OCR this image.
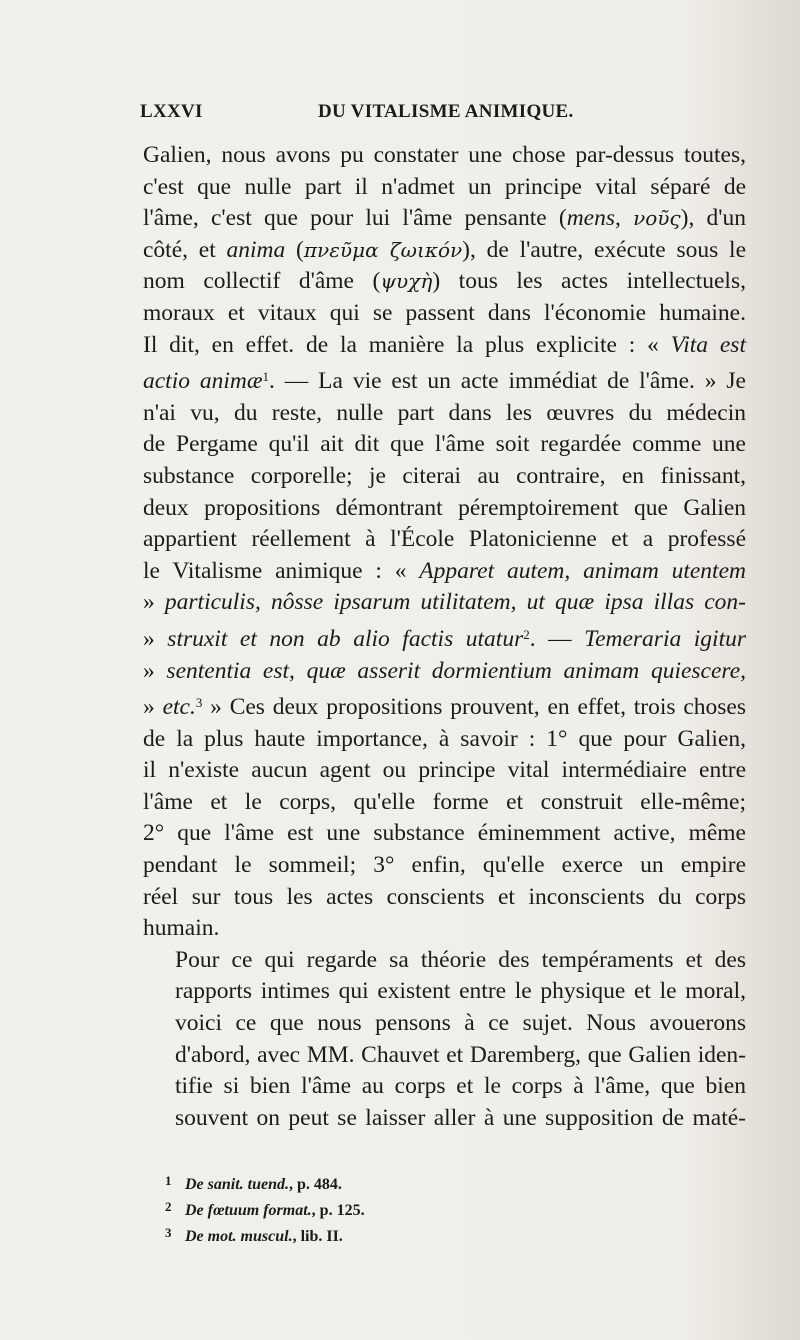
LXXVI	DU VITALISME ANIMIQUE.

Galien, nous avons pu constater une chose par-dessus toutes,
c'est que nulle part il n'admet un principe vital séparé de
l'âme, c'est que pour lui l'âme pensante (mens, νοῦς), d'un
côté, et anima (πνεῦμα ζωικόν), de l'autre, exécute sous le
nom collectif d'âme (ψυχὴ) tous les actes intellectuels,
moraux et vitaux qui se passent dans l'économie humaine.
Il dit, en effet. de la manière la plus explicite : « Vita est
actio animæ$^1$. — La vie est un acte immédiat de l'âme. » Je
n'ai vu, du reste, nulle part dans les œuvres du médecin
de Pergame qu'il ait dit que l'âme soit regardée comme une
substance corporelle; je citerai au contraire, en finissant,
deux propositions démontrant péremptoirement que Galien
appartient réellement à l'École Platonicienne et a professé
le Vitalisme animique : « Apparet autem, animam utentem
» particulis, nôsse ipsarum utilitatem, ut quæ ipsa illas con-
» struxit et non ab alio factis utatur$^2$. — Temeraria igitur
» sententia est, quæ asserit dormientium animam quiescere,
» etc.$^3$ » Ces deux propositions prouvent, en effet, trois choses
de la plus haute importance, à savoir : 1° que pour Galien,
il n'existe aucun agent ou principe vital intermédiaire entre
l'âme et le corps, qu'elle forme et construit elle-même;
2° que l'âme est une substance éminemment active, même
pendant le sommeil; 3° enfin, qu'elle exerce un empire
réel sur tous les actes conscients et inconscients du corps
humain.

Pour ce qui regarde sa théorie des tempéraments et des
rapports intimes qui existent entre le physique et le moral,
voici ce que nous pensons à ce sujet. Nous avouerons
d'abord, avec MM. Chauvet et Daremberg, que Galien iden-
tifie si bien l'âme au corps et le corps à l'âme, que bien
souvent on peut se laisser aller à une supposition de maté-

1 De sanit. tuend., p. 484.
2 De fœtuum format., p. 125.
3 De mot. muscul., lib. II.
